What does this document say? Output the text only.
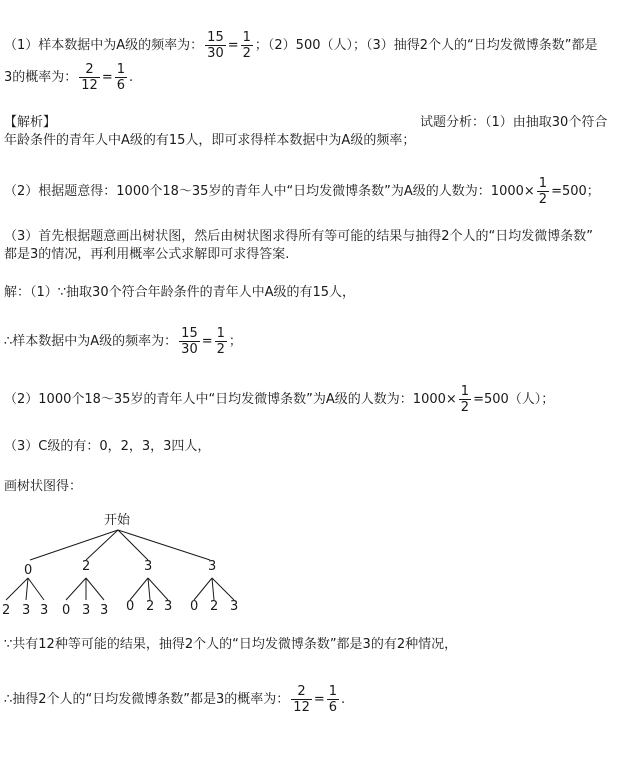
（1）样本数据中为A级的频率为： $\frac{15}{30} = \frac{1}{2}$ ；（2）500（人）；（3）抽得2个人的“日均发微博条数”都是
3的概率为： $\frac{2}{12} = \frac{1}{6}$ .
【解析】	试题分析：（1）由抽取30个符合
年龄条件的青年人中A级的有15人，即可求得样本数据中为A级的频率；
（2）根据题意得：1000个18～35岁的青年人中“日均发微博条数”为A级的人数为：$1000\times \frac{1}{2} =500$；
（3）首先根据题意画出树状图，然后由树状图求得所有等可能的结果与抽得2个人的“日均发微博条数”
都是3的情况，再利用概率公式求解即可求得答案.
解：（1）∵抽取30个符合年龄条件的青年人中A级的有15人，
∴样本数据中为A级的频率为： $\frac{15}{30} = \frac{1}{2}$ ；
（2）1000个18～35岁的青年人中“日均发微博条数”为A级的人数为：$1000\times \frac{1}{2} =500$（人）；
（3）C级的有：0，2，3，3四人，
画树状图得：
开始
0	2	3	3
2 3 3 0 3 3 0 2 3 0 2 3
∵共有12种等可能的结果，抽得2个人的“日均发微博条数”都是3的有2种情况，
∴抽得2个人的“日均发微博条数”都是3的概率为： $\frac{2}{12} = \frac{1}{6}$ .
